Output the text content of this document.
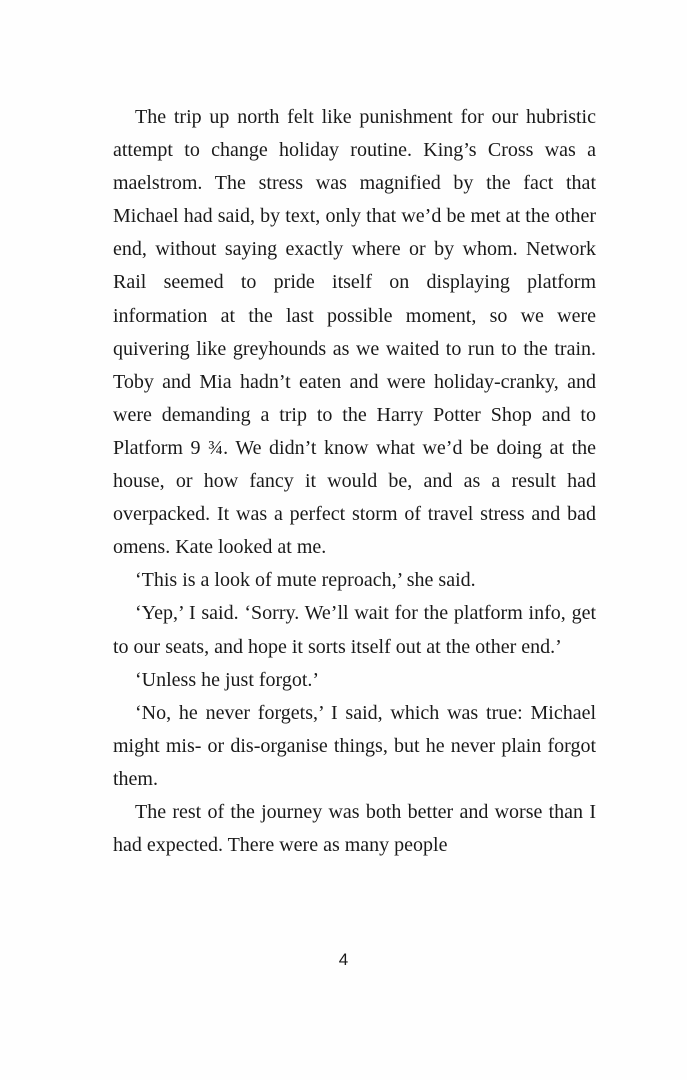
The trip up north felt like punishment for our hubristic attempt to change holiday routine. King’s Cross was a maelstrom. The stress was magnified by the fact that Michael had said, by text, only that we’d be met at the other end, without saying exactly where or by whom. Network Rail seemed to pride itself on displaying platform information at the last possible moment, so we were quivering like greyhounds as we waited to run to the train. Toby and Mia hadn’t eaten and were holiday-cranky, and were demanding a trip to the Harry Potter Shop and to Platform 9 ¾. We didn’t know what we’d be doing at the house, or how fancy it would be, and as a result had overpacked. It was a perfect storm of travel stress and bad omens. Kate looked at me.

‘This is a look of mute reproach,’ she said.

‘Yep,’ I said. ‘Sorry. We’ll wait for the platform info, get to our seats, and hope it sorts itself out at the other end.’

‘Unless he just forgot.’

‘No, he never forgets,’ I said, which was true: Michael might mis- or dis-organise things, but he never plain forgot them.

The rest of the journey was both better and worse than I had expected. There were as many people

4
